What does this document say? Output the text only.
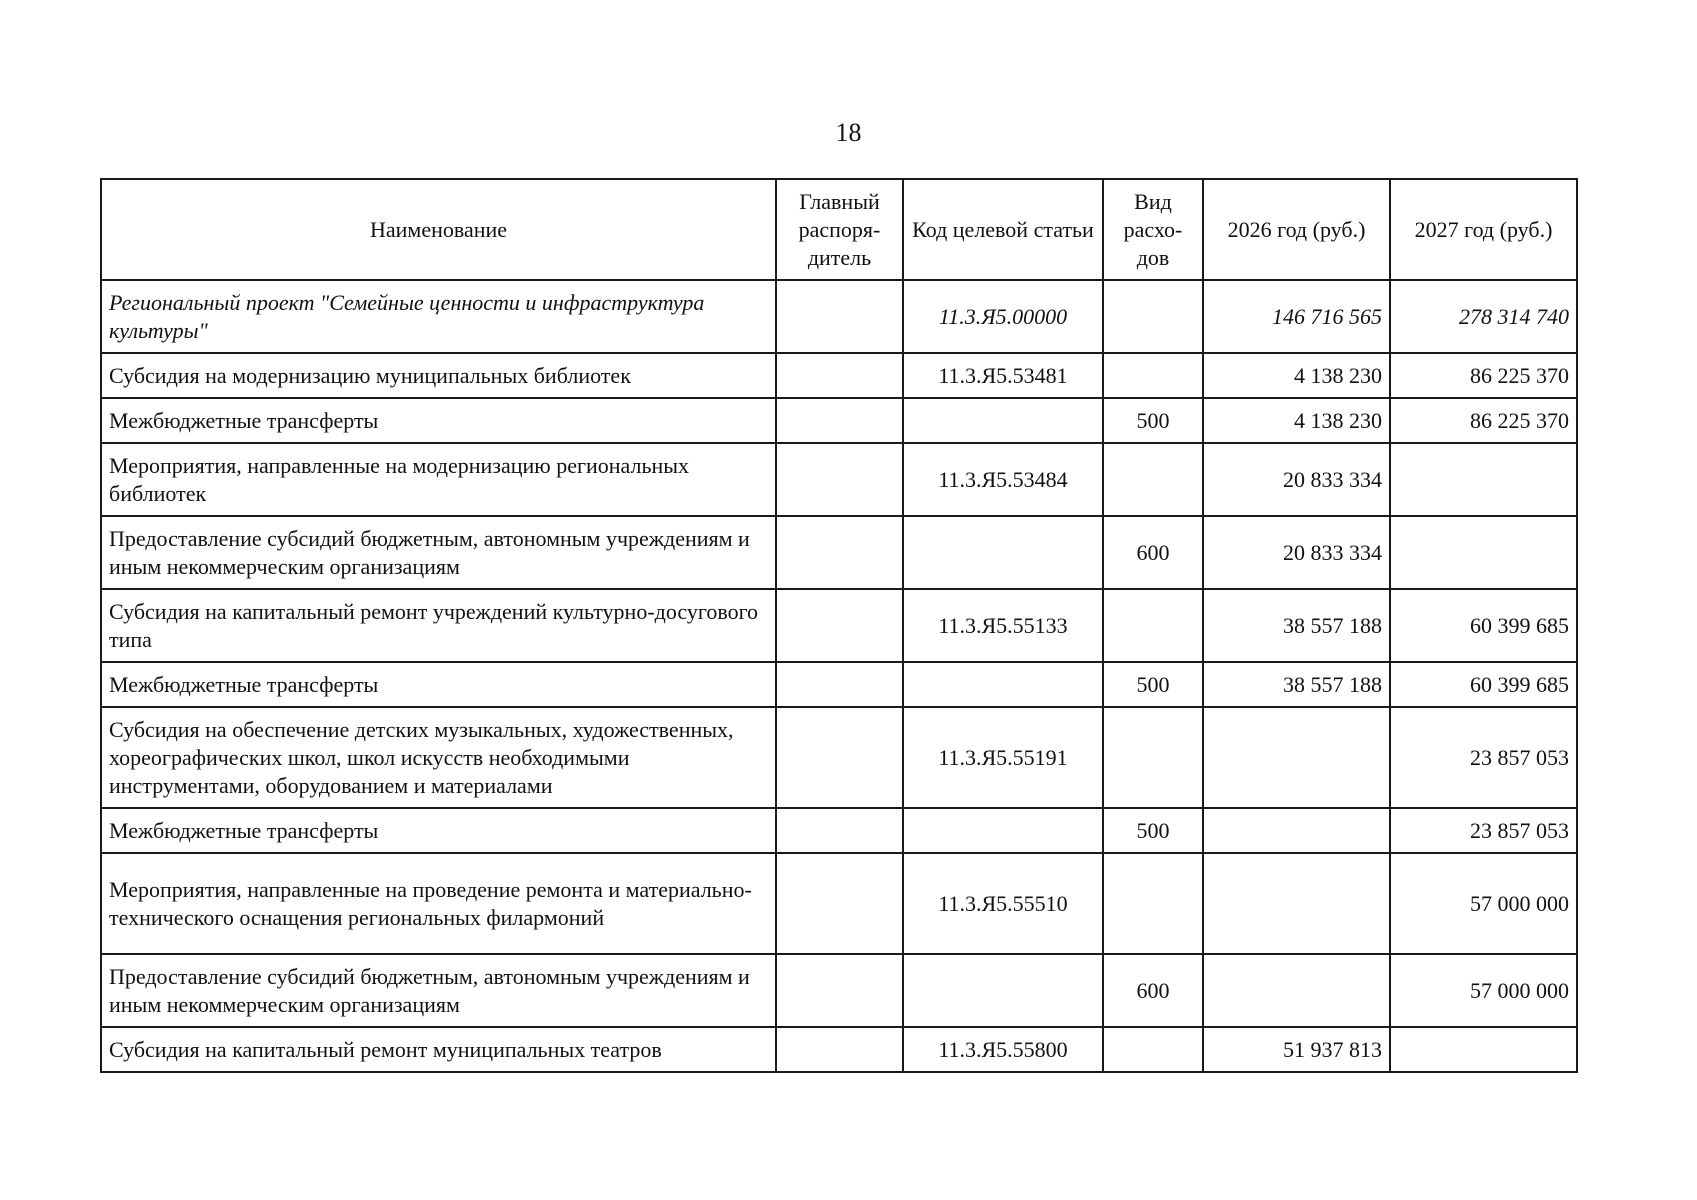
18
Наименование	Главный распоря-дитель	Код целевой статьи	Вид расхо-дов	2026 год (руб.)	2027 год (руб.)
Региональный проект "Семейные ценности и инфраструктура культуры"		11.3.Я5.00000		146 716 565	278 314 740
Субсидия на модернизацию муниципальных библиотек		11.3.Я5.53481		4 138 230	86 225 370
Межбюджетные трансферты			500	4 138 230	86 225 370
Мероприятия, направленные на модернизацию региональных библиотек		11.3.Я5.53484		20 833 334	
Предоставление субсидий бюджетным, автономным учреждениям и иным некоммерческим организациям			600	20 833 334	
Субсидия на капитальный ремонт учреждений культурно-досугового типа		11.3.Я5.55133		38 557 188	60 399 685
Межбюджетные трансферты			500	38 557 188	60 399 685
Субсидия на обеспечение детских музыкальных, художественных, хореографических школ, школ искусств необходимыми инструментами, оборудованием и материалами		11.3.Я5.55191			23 857 053
Межбюджетные трансферты			500		23 857 053
Мероприятия, направленные на проведение ремонта и материально-технического оснащения региональных филармоний		11.3.Я5.55510			57 000 000
Предоставление субсидий бюджетным, автономным учреждениям и иным некоммерческим организациям			600		57 000 000
Субсидия на капитальный ремонт муниципальных театров		11.3.Я5.55800		51 937 813	
